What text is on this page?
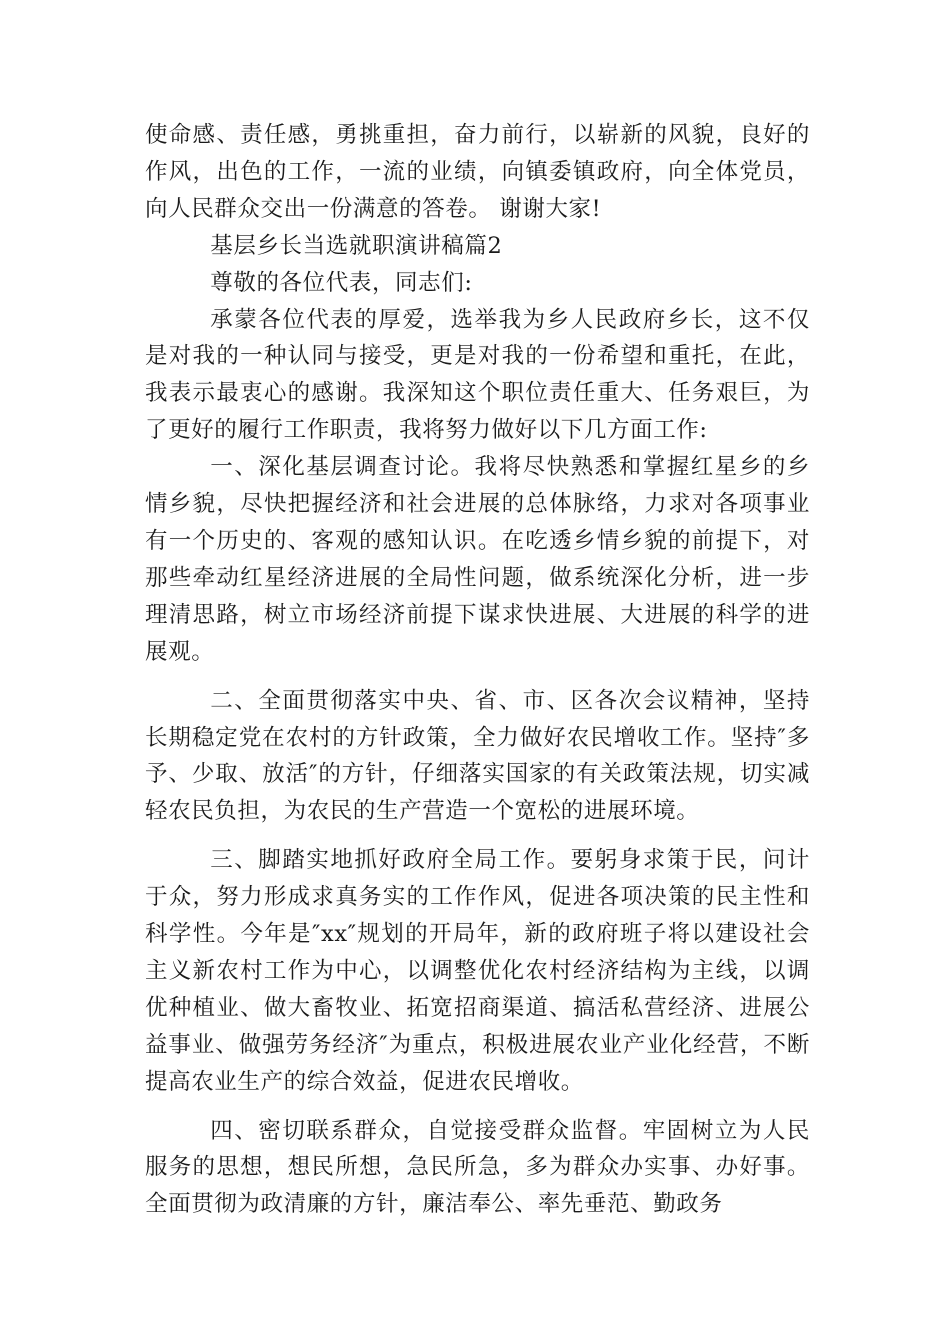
使命感、责任感，勇挑重担，奋力前行，以崭新的风貌，良好的作风，出色的工作，一流的业绩，向镇委镇政府，向全体党员，向人民群众交出一份满意的答卷。 谢谢大家!

基层乡长当选就职演讲稿篇2

尊敬的各位代表，同志们:

承蒙各位代表的厚爱，选举我为乡人民政府乡长，这不仅是对我的一种认同与接受，更是对我的一份希望和重托，在此，我表示最衷心的感谢。我深知这个职位责任重大、任务艰巨，为了更好的履行工作职责，我将努力做好以下几方面工作:

一、深化基层调查讨论。我将尽快熟悉和掌握红星乡的乡情乡貌，尽快把握经济和社会进展的总体脉络，力求对各项事业有一个历史的、客观的感知认识。在吃透乡情乡貌的前提下，对那些牵动红星经济进展的全局性问题，做系统深化分析，进一步理清思路，树立市场经济前提下谋求快进展、大进展的科学的进展观。

二、全面贯彻落实中央、省、市、区各次会议精神，坚持长期稳定党在农村的方针政策，全力做好农民增收工作。坚持″多予、少取、放活″的方针，仔细落实国家的有关政策法规，切实减轻农民负担，为农民的生产营造一个宽松的进展环境。

三、脚踏实地抓好政府全局工作。要躬身求策于民，问计于众，努力形成求真务实的工作作风，促进各项决策的民主性和科学性。今年是″xx″规划的开局年，新的政府班子将以建设社会主义新农村工作为中心，以调整优化农村经济结构为主线，以调优种植业、做大畜牧业、拓宽招商渠道、搞活私营经济、进展公益事业、做强劳务经济″为重点，积极进展农业产业化经营，不断提高农业生产的综合效益，促进农民增收。

四、密切联系群众，自觉接受群众监督。牢固树立为人民服务的思想，想民所想，急民所急，多为群众办实事、办好事。全面贯彻为政清廉的方针，廉洁奉公、率先垂范、勤政务
